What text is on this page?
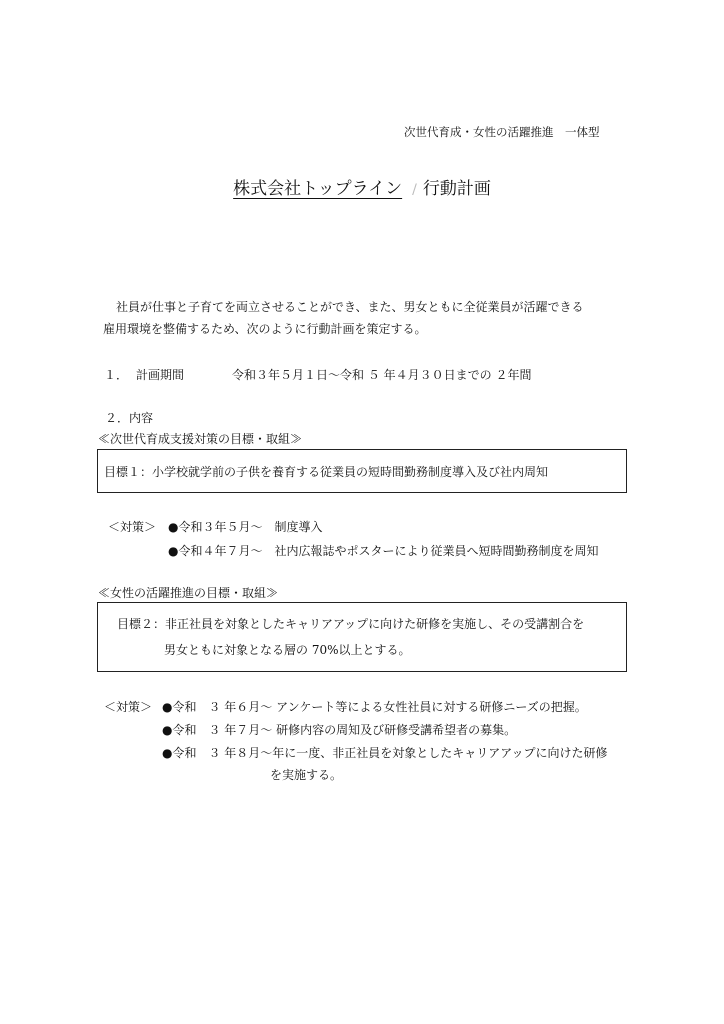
次世代育成・女性の活躍推進　一体型
株式会社トップライン / 行動計画
社員が仕事と子育てを両立させることができ、また、男女ともに全従業員が活躍できる
雇用環境を整備するため、次のように行動計画を策定する。
１． 計画期間	令和３年５月１日～令和 ５ 年４月３０日までの ２年間
２．内容
≪次世代育成支援対策の目標・取組≫
目標１：小学校就学前の子供を養育する従業員の短時間勤務制度導入及び社内周知
＜対策＞ ●令和３年５月～　制度導入
●令和４年７月～　社内広報誌やポスターにより従業員へ短時間勤務制度を周知
≪女性の活躍推進の目標・取組≫
目標２：非正社員を対象としたキャリアアップに向けた研修を実施し、その受講割合を
男女ともに対象となる層の 70%以上とする。
＜対策＞ ●令和　３ 年６月～ アンケート等による女性社員に対する研修ニーズの把握。
●令和　３ 年７月～ 研修内容の周知及び研修受講希望者の募集。
●令和　３ 年８月～年に一度、非正社員を対象としたキャリアアップに向けた研修
を実施する。
